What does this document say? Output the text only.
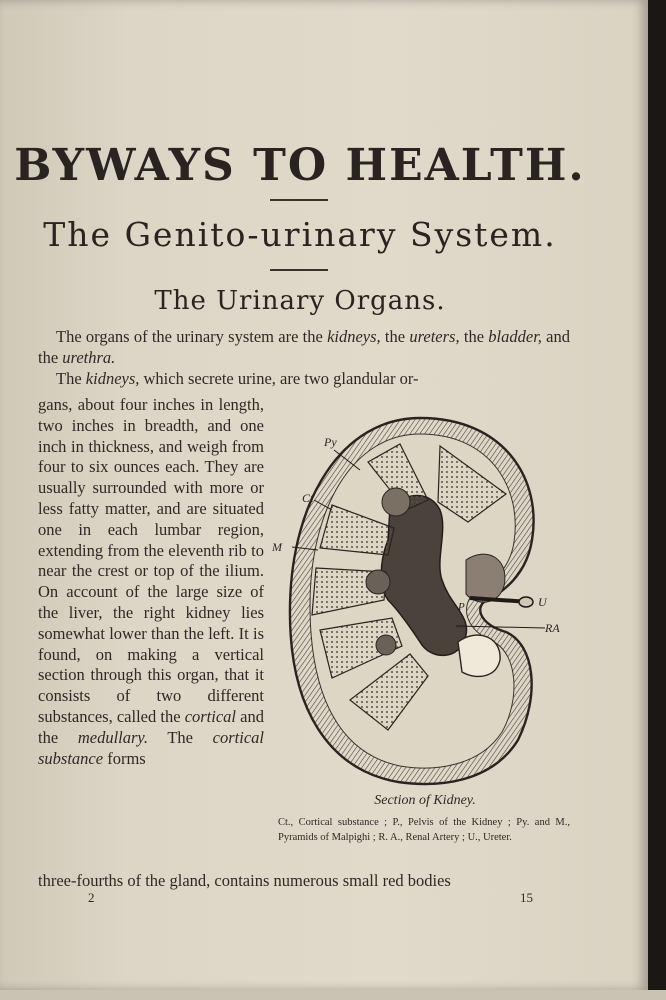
BYWAYS TO HEALTH.
The Genito-urinary System.
The Urinary Organs.

The organs of the urinary system are the kidneys, the ureters, the bladder, and the urethra.

The kidneys, which secrete urine, are two glandular or-

gans, about four inches in length, two inches in breadth, and one inch in thickness, and weigh from four to six ounces each. They are usually surrounded with more or less fatty matter, and are situated one in each lumbar region, extending from the eleventh rib to near the crest or top of the ilium. On account of the large size of the liver, the right kidney lies somewhat lower than the left. It is found, on making a vertical section through this organ, that it consists of two different substances, called the cortical and the medullary. The cortical substance forms
three-fourths of the gland, contains numerous small red bodies
Py
Ct
M
P	U
RA
Section of Kidney.
Ct., Cortical substance ; P., Pelvis of the Kidney ; Py. and M., Pyramids of Malpighi ; R. A., Renal Artery ; U., Ureter.
2	15
